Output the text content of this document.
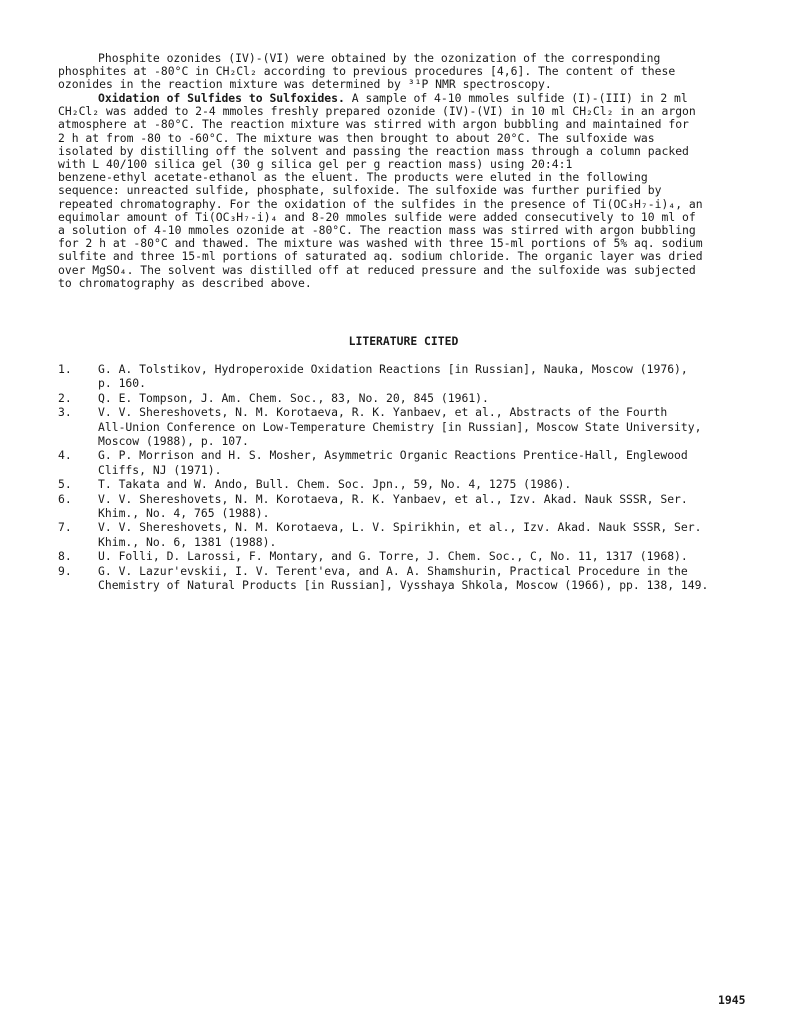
Phosphite ozonides (IV)-(VI) were obtained by the ozonization of the corresponding
phosphites at -80°C in CH₂Cl₂ according to previous procedures [4,6]. The content of these
ozonides in the reaction mixture was determined by ³¹P NMR spectroscopy.
Oxidation of Sulfides to Sulfoxides. A sample of 4-10 mmoles sulfide (I)-(III) in 2 ml
CH₂Cl₂ was added to 2-4 mmoles freshly prepared ozonide (IV)-(VI) in 10 ml CH₂Cl₂ in an argon
atmosphere at -80°C. The reaction mixture was stirred with argon bubbling and maintained for
2 h at from -80 to -60°C. The mixture was then brought to about 20°C. The sulfoxide was
isolated by distilling off the solvent and passing the reaction mass through a column packed
with L 40/100 silica gel (30 g silica gel per g reaction mass) using 20:4:1
benzene-ethyl acetate-ethanol as the eluent. The products were eluted in the following
sequence: unreacted sulfide, phosphate, sulfoxide. The sulfoxide was further purified by
repeated chromatography. For the oxidation of the sulfides in the presence of Ti(OC₃H₇-i)₄, an
equimolar amount of Ti(OC₃H₇-i)₄ and 8-20 mmoles sulfide were added consecutively to 10 ml of
a solution of 4-10 mmoles ozonide at -80°C. The reaction mass was stirred with argon bubbling
for 2 h at -80°C and thawed. The mixture was washed with three 15-ml portions of 5% aq. sodium
sulfite and three 15-ml portions of saturated aq. sodium chloride. The organic layer was dried
over MgSO₄. The solvent was distilled off at reduced pressure and the sulfoxide was subjected
to chromatography as described above.
LITERATURE CITED
1. G. A. Tolstikov, Hydroperoxide Oxidation Reactions [in Russian], Nauka, Moscow (1976),
p. 160.
2. Q. E. Tompson, J. Am. Chem. Soc., 83, No. 20, 845 (1961).
3. V. V. Shereshovets, N. M. Korotaeva, R. K. Yanbaev, et al., Abstracts of the Fourth
All-Union Conference on Low-Temperature Chemistry [in Russian], Moscow State University,
Moscow (1988), p. 107.
4. G. P. Morrison and H. S. Mosher, Asymmetric Organic Reactions Prentice-Hall, Englewood
Cliffs, NJ (1971).
5. T. Takata and W. Ando, Bull. Chem. Soc. Jpn., 59, No. 4, 1275 (1986).
6. V. V. Shereshovets, N. M. Korotaeva, R. K. Yanbaev, et al., Izv. Akad. Nauk SSSR, Ser.
Khim., No. 4, 765 (1988).
7. V. V. Shereshovets, N. M. Korotaeva, L. V. Spirikhin, et al., Izv. Akad. Nauk SSSR, Ser.
Khim., No. 6, 1381 (1988).
8. U. Folli, D. Larossi, F. Montary, and G. Torre, J. Chem. Soc., C, No. 11, 1317 (1968).
9. G. V. Lazur'evskii, I. V. Terent'eva, and A. A. Shamshurin, Practical Procedure in the
Chemistry of Natural Products [in Russian], Vysshaya Shkola, Moscow (1966), pp. 138, 149.
1945
